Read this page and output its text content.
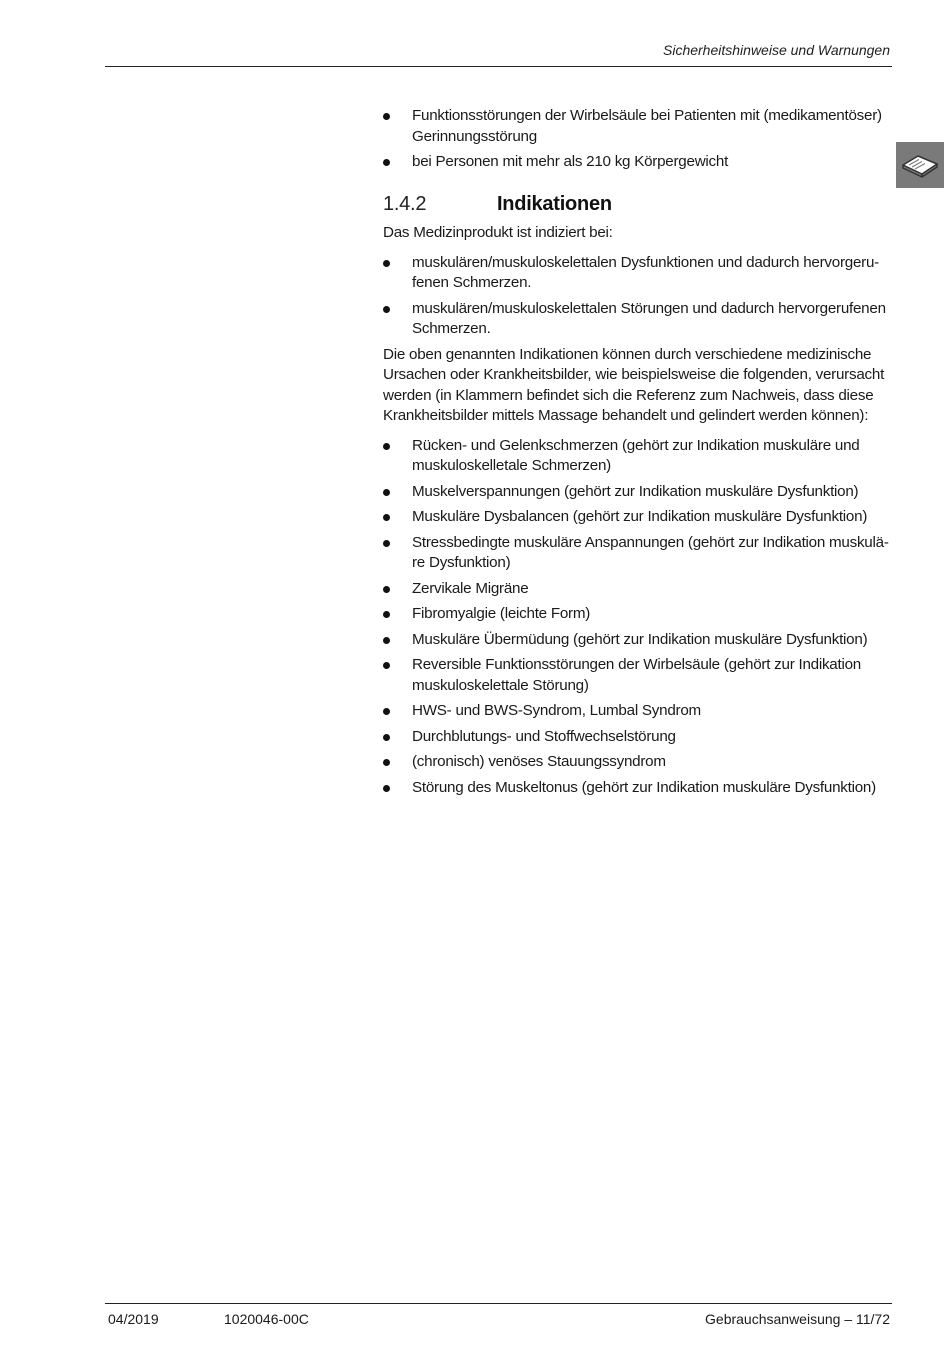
Sicherheitshinweise und Warnungen
Funktionsstörungen der Wirbelsäule bei Patienten mit (medikamentöser) Gerinnungsstörung
bei Personen mit mehr als 210 kg Körpergewicht
1.4.2	Indikationen

Das Medizinprodukt ist indiziert bei:

muskulären/muskuloskelettalen Dysfunktionen und dadurch hervorgeru-fenen Schmerzen.
muskulären/muskuloskelettalen Störungen und dadurch hervorgerufenen Schmerzen.

Die oben genannten Indikationen können durch verschiedene medizinische Ursachen oder Krankheitsbilder, wie beispielsweise die folgenden, verursacht werden (in Klammern befindet sich die Referenz zum Nachweis, dass diese Krankheitsbilder mittels Massage behandelt und gelindert werden können):

Rücken- und Gelenkschmerzen (gehört zur Indikation muskuläre und muskuloskelletale Schmerzen)
Muskelverspannungen (gehört zur Indikation muskuläre Dysfunktion)
Muskuläre Dysbalancen (gehört zur Indikation muskuläre Dysfunktion)
Stressbedingte muskuläre Anspannungen (gehört zur Indikation muskulä-re Dysfunktion)
Zervikale Migräne
Fibromyalgie (leichte Form)
Muskuläre Übermüdung (gehört zur Indikation muskuläre Dysfunktion)
Reversible Funktionsstörungen der Wirbelsäule (gehört zur Indikation muskuloskelettale Störung)
HWS- und BWS-Syndrom, Lumbal Syndrom
Durchblutungs- und Stoffwechselstörung
(chronisch) venöses Stauungssyndrom
Störung des Muskeltonus (gehört zur Indikation muskuläre Dysfunktion)
04/2019	1020046-00C	Gebrauchsanweisung – 11/72
